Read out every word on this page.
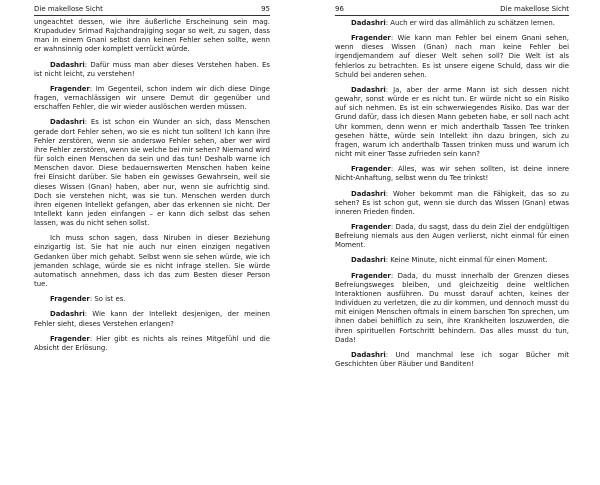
Die makellose Sicht	95

ungeachtet dessen, wie ihre äußerliche Erscheinung sein mag. Krupadudev Srimad Rajchandrajiging sogar so weit, zu sagen, dass man in einem Gnani selbst dann keinen Fehler sehen sollte, wenn er wahnsinnig oder komplett verrückt würde.

Dadashri: Dafür muss man aber dieses Verstehen haben. Es ist nicht leicht, zu verstehen!

Fragender: Im Gegenteil, schon indem wir dich diese Dinge fragen, vernachlässigen wir unsere Demut dir gegenüber und erschaffen Fehler, die wir wieder auslöschen werden müssen.

Dadashri: Es ist schon ein Wunder an sich, dass Menschen gerade dort Fehler sehen, wo sie es nicht tun sollten! Ich kann ihre Fehler zerstören, wenn sie anderswo Fehler sehen, aber wer wird ihre Fehler zerstören, wenn sie welche bei mir sehen? Niemand wird für solch einen Menschen da sein und das tun! Deshalb warne ich Menschen davor. Diese bedauernswerten Menschen haben keine frei Einsicht darüber. Sie haben ein gewisses Gewahrsein, weil sie dieses Wissen (Gnan) haben, aber nur, wenn sie aufrichtig sind. Doch sie verstehen nicht, was sie tun. Menschen werden durch ihren eigenen Intellekt gefangen, aber das erkennen sie nicht. Der Intellekt kann jeden einfangen – er kann dich selbst das sehen lassen, was du nicht sehen sollst.

Ich muss schon sagen, dass Niruben in dieser Beziehung einzigartig ist. Sie hat nie auch nur einen einzigen negativen Gedanken über mich gehabt. Selbst wenn sie sehen würde, wie ich jemanden schlage, würde sie es nicht infrage stellen. Sie würde automatisch annehmen, dass ich das zum Besten dieser Person tue.

Fragender: So ist es.

Dadashri: Wie kann der Intellekt desjenigen, der meinen Fehler sieht, dieses Verstehen erlangen?

Fragender: Hier gibt es nichts als reines Mitgefühl und die Absicht der Erlösung.

96	Die makellose Sicht

Dadashri: Auch er wird das allmählich zu schätzen lernen.

Fragender: Wie kann man Fehler bei einem Gnani sehen, wenn dieses Wissen (Gnan) nach man keine Fehler bei irgendjemandem auf dieser Welt sehen soll? Die Welt ist als fehlerlos zu betrachten. Es ist unsere eigene Schuld, dass wir die Schuld bei anderen sehen.

Dadashri: Ja, aber der arme Mann ist sich dessen nicht gewahr, sonst würde er es nicht tun. Er würde nicht so ein Risiko auf sich nehmen. Es ist ein schwerwiegendes Risiko. Das war der Grund dafür, dass ich diesen Mann gebeten habe, er soll nach acht Uhr kommen, denn wenn er mich anderthalb Tassen Tee trinken gesehen hätte, würde sein Intellekt ihn dazu bringen, sich zu fragen, warum ich anderthalb Tassen trinken muss und warum ich nicht mit einer Tasse zufrieden sein kann?

Fragender: Alles, was wir sehen sollten, ist deine innere Nicht-Anhaftung, selbst wenn du Tee trinkst!

Dadashri: Woher bekommt man die Fähigkeit, das so zu sehen? Es ist schon gut, wenn sie durch das Wissen (Gnan) etwas inneren Frieden finden.

Fragender: Dada, du sagst, dass du dein Ziel der endgültigen Befreiung niemals aus den Augen verlierst, nicht einmal für einen Moment.

Dadashri: Keine Minute, nicht einmal für einen Moment.

Fragender: Dada, du musst innerhalb der Grenzen dieses Befreiungsweges bleiben, und gleichzeitig deine weltlichen Interaktionen ausführen. Du musst darauf achten, keines der Individuen zu verletzen, die zu dir kommen, und dennoch musst du mit einigen Menschen oftmals in einem barschen Ton sprechen, um ihnen dabei behilflich zu sein, ihre Krankheiten loszuwerden, die ihren spirituellen Fortschritt behindern. Das alles musst du tun, Dada!

Dadashri: Und manchmal lese ich sogar Bücher mit Geschichten über Räuber und Banditen!
